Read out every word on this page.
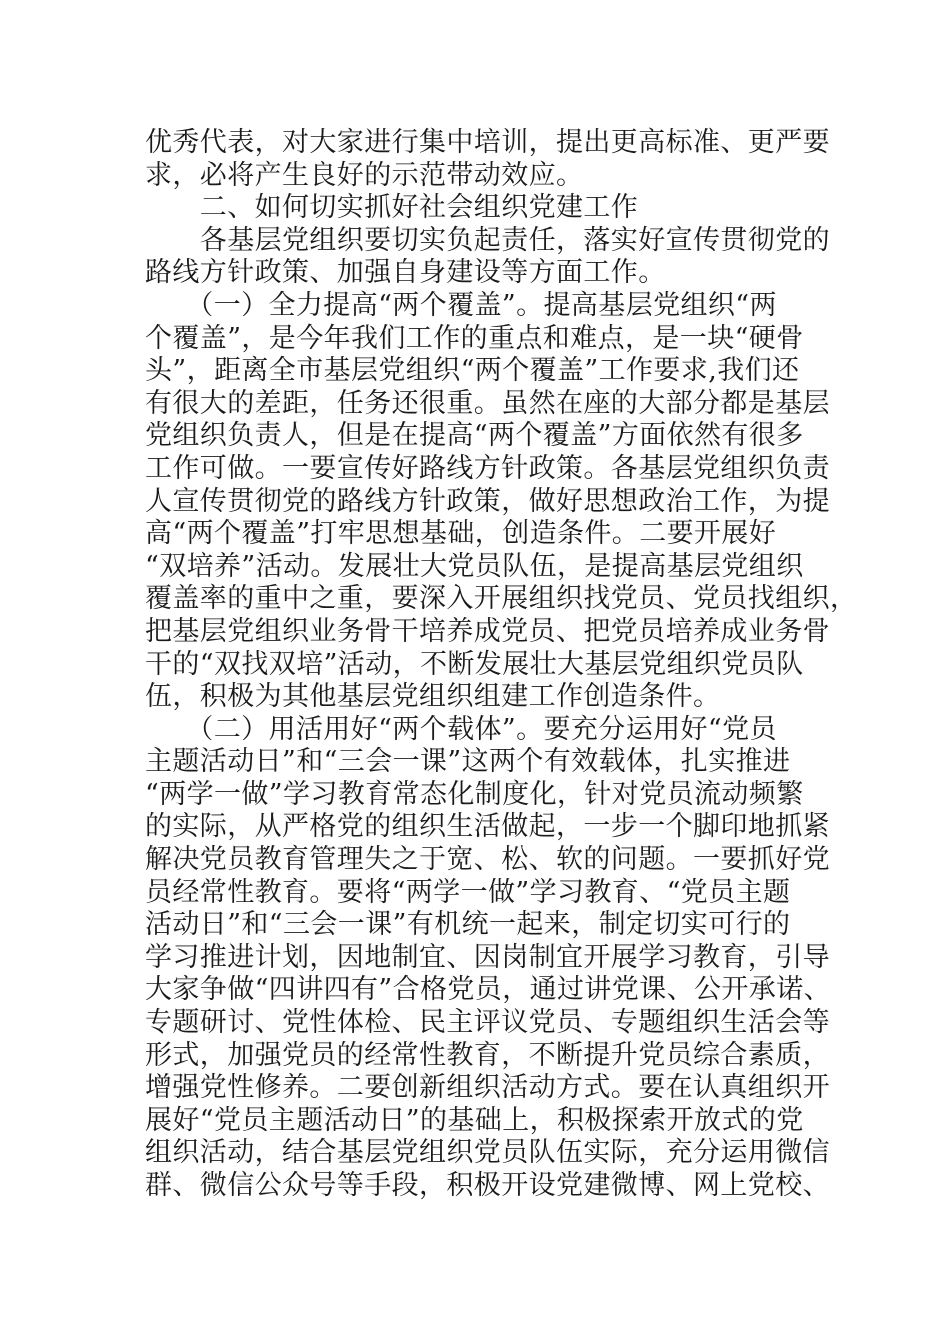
优秀代表，对大家进行集中培训，提出更高标准、更严要
求，必将产生良好的示范带动效应。
　　二、如何切实抓好社会组织党建工作
　　各基层党组织要切实负起责任，落实好宣传贯彻党的
路线方针政策、加强自身建设等方面工作。
　　（一）全力提高“两个覆盖”。提高基层党组织“两
个覆盖”，是今年我们工作的重点和难点，是一块“硬骨
头”，距离全市基层党组织“两个覆盖”工作要求,我们还
有很大的差距，任务还很重。虽然在座的大部分都是基层
党组织负责人，但是在提高“两个覆盖”方面依然有很多
工作可做。一要宣传好路线方针政策。各基层党组织负责
人宣传贯彻党的路线方针政策，做好思想政治工作，为提
高“两个覆盖”打牢思想基础，创造条件。二要开展好
“双培养”活动。发展壮大党员队伍，是提高基层党组织
覆盖率的重中之重，要深入开展组织找党员、党员找组织，
把基层党组织业务骨干培养成党员、把党员培养成业务骨
干的“双找双培”活动，不断发展壮大基层党组织党员队
伍，积极为其他基层党组织组建工作创造条件。
　　（二）用活用好“两个载体”。要充分运用好“党员
主题活动日”和“三会一课”这两个有效载体，扎实推进
“两学一做”学习教育常态化制度化，针对党员流动频繁
的实际，从严格党的组织生活做起，一步一个脚印地抓紧
解决党员教育管理失之于宽、松、软的问题。一要抓好党
员经常性教育。要将“两学一做”学习教育、“党员主题
活动日”和“三会一课”有机统一起来，制定切实可行的
学习推进计划，因地制宜、因岗制宜开展学习教育，引导
大家争做“四讲四有”合格党员，通过讲党课、公开承诺、
专题研讨、党性体检、民主评议党员、专题组织生活会等
形式，加强党员的经常性教育，不断提升党员综合素质，
增强党性修养。二要创新组织活动方式。要在认真组织开
展好“党员主题活动日”的基础上，积极探索开放式的党
组织活动，结合基层党组织党员队伍实际，充分运用微信
群、微信公众号等手段，积极开设党建微博、网上党校、
